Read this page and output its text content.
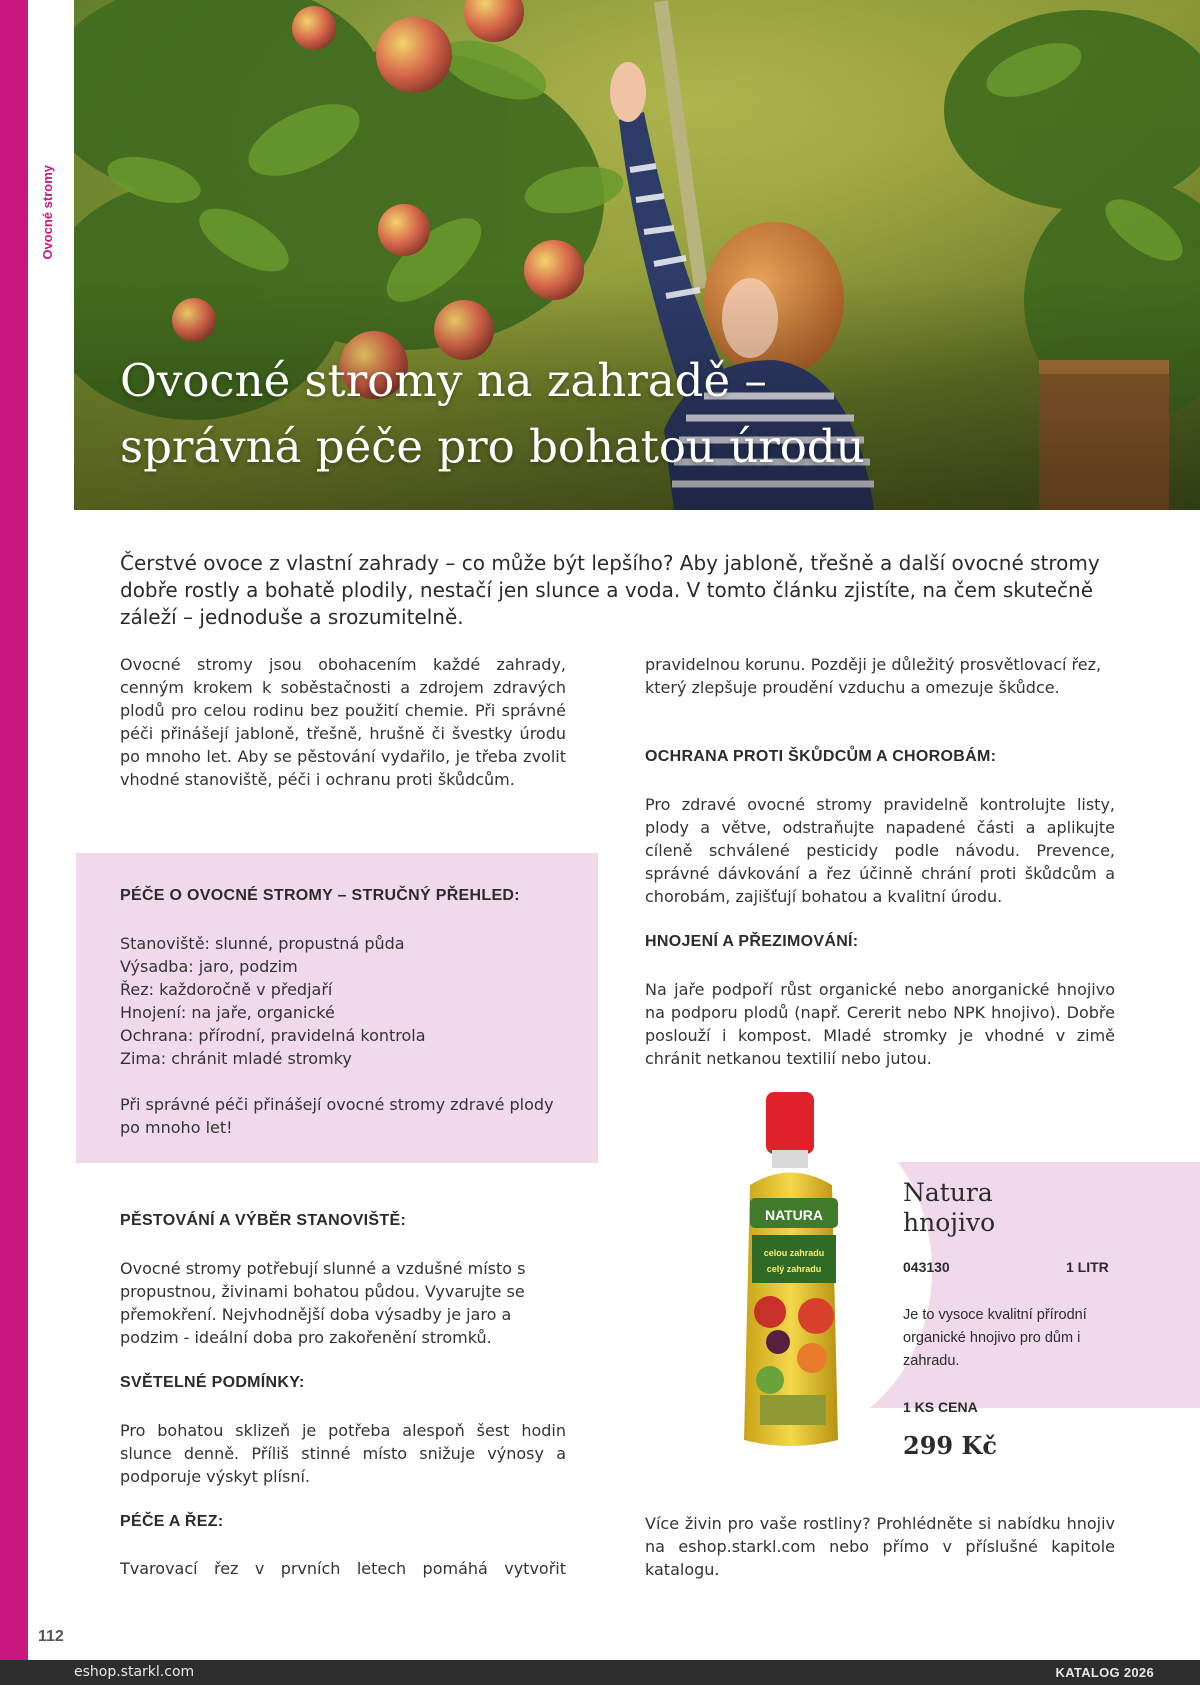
Ovocné stromy
Ovocné stromy na zahradě –
správná péče pro bohatou úrodu

Čerstvé ovoce z vlastní zahrady – co může být lepšího? Aby jabloně, třešně a další ovocné stromy dobře rostly a bohatě plodily, nestačí jen slunce a voda. V tomto článku zjistíte, na čem skutečně záleží – jednoduše a srozumitelně.

Ovocné stromy jsou obohacením každé zahrady, cenným krokem k soběstačnosti a zdrojem zdravých plodů pro celou rodinu bez použití chemie. Při správné péči přinášejí jabloně, třešně, hrušně či švestky úrodu po mnoho let. Aby se pěstování vydařilo, je třeba zvolit vhodné stanoviště, péči i ochranu proti škůdcům.

PÉČE O OVOCNÉ STROMY – STRUČNÝ PŘEHLED:
Stanoviště: slunné, propustná půda
Výsadba: jaro, podzim
Řez: každoročně v předjaří
Hnojení: na jaře, organické
Ochrana: přírodní, pravidelná kontrola
Zima: chránit mladé stromky

Při správné péči přinášejí ovocné stromy zdravé plody po mnoho let!

PĚSTOVÁNÍ A VÝBĚR STANOVIŠTĚ:

Ovocné stromy potřebují slunné a vzdušné místo s propustnou, živinami bohatou půdou. Vyvarujte se přemokření. Nejvhodnější doba výsadby je jaro a podzim - ideální doba pro zakořenění stromků.

SVĚTELNÉ PODMÍNKY:

Pro bohatou sklizeň je potřeba alespoň šest hodin slunce denně. Příliš stinné místo snižuje výnosy a podporuje výskyt plísní.

PÉČE A ŘEZ:

Tvarovací řez v prvních letech pomáhá vytvořit

pravidelnou korunu. Později je důležitý prosvětlovací řez, který zlepšuje proudění vzduchu a omezuje škůdce.

OCHRANA PROTI ŠKŮDCŮM A CHOROBÁM:

Pro zdravé ovocné stromy pravidelně kontrolujte listy, plody a větve, odstraňujte napadené části a aplikujte cíleně schválené pesticidy podle návodu. Prevence, správné dávkování a řez účinně chrání proti škůdcům a chorobám, zajišťují bohatou a kvalitní úrodu.

HNOJENÍ A PŘEZIMOVÁNÍ:

Na jaře podpoří růst organické nebo anorganické hnojivo na podporu plodů (např. Cererit nebo NPK hnojivo). Dobře poslouží i kompost. Mladé stromky je vhodné v zimě chránit netkanou textilií nebo jutou.

NATURA
celou zahradu
celý zahradu
Natura
hnojivo
043130	1 LITR

Je to vysoce kvalitní přírodní organické hnojivo pro dům i zahradu.

1 KS CENA
299 Kč

Více živin pro vaše rostliny? Prohlédněte si nabídku hnojiv na eshop.starkl.com nebo přímo v příslušné kapitole katalogu.

112
eshop.starkl.com	KATALOG 2026
